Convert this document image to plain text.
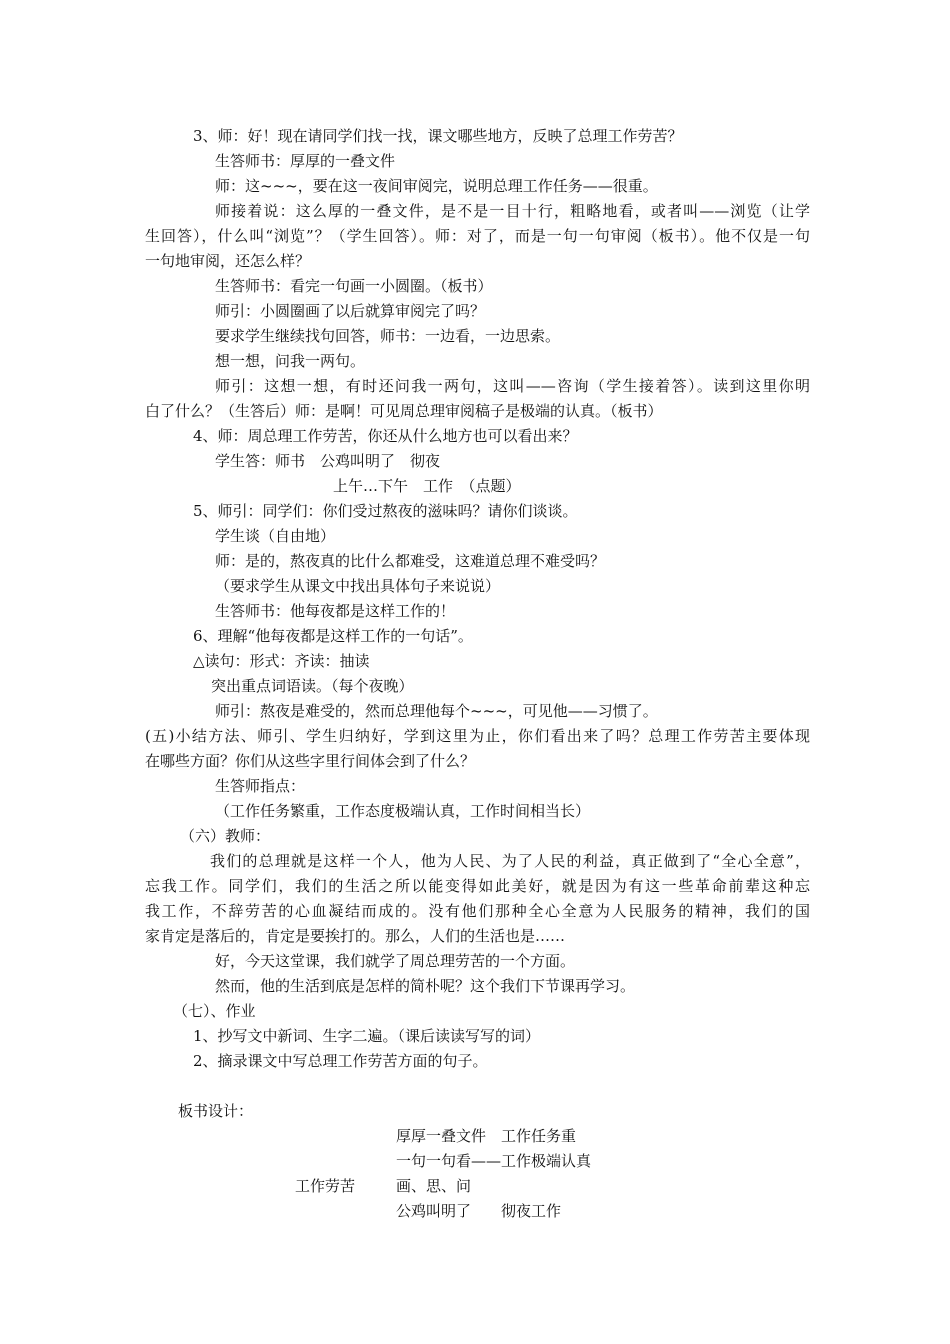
3、师：好！现在请同学们找一找，课文哪些地方，反映了总理工作劳苦？
生答师书：厚厚的一叠文件
师：这~~~，要在这一夜间审阅完，说明总理工作任务——很重。
师接着说：这么厚的一叠文件，是不是一目十行，粗略地看，或者叫——浏览（让学
生回答），什么叫“浏览”？（学生回答）。师：对了，而是一句一句审阅（板书）。他不仅是一句
一句地审阅，还怎么样？
生答师书：看完一句画一小圆圈。（板书）
师引：小圆圈画了以后就算审阅完了吗？
要求学生继续找句回答，师书：一边看，一边思索。
想一想，问我一两句。
师引：这想一想，有时还问我一两句，这叫——咨询（学生接着答）。读到这里你明
白了什么？（生答后）师：是啊！可见周总理审阅稿子是极端的认真。（板书）
4、师：周总理工作劳苦，你还从什么地方也可以看出来？
学生答：师书　公鸡叫明了　彻夜
上午…下午　工作　（点题）
5、师引：同学们：你们受过熬夜的滋味吗？请你们谈谈。
学生谈（自由地）
师：是的，熬夜真的比什么都难受，这难道总理不难受吗？
（要求学生从课文中找出具体句子来说说）
生答师书：他每夜都是这样工作的！
6、理解“他每夜都是这样工作的一句话”。
△读句：形式：齐读：抽读
突出重点词语读。（每个夜晚）
师引：熬夜是难受的，然而总理他每个~~~，可见他——习惯了。
(五)小结方法、师引、学生归纳好，学到这里为止，你们看出来了吗？总理工作劳苦主要体现
在哪些方面？你们从这些字里行间体会到了什么？
生答师指点：
（工作任务繁重，工作态度极端认真，工作时间相当长）
（六）教师：
我们的总理就是这样一个人，他为人民、为了人民的利益，真正做到了“全心全意”，
忘我工作。同学们，我们的生活之所以能变得如此美好，就是因为有这一些革命前辈这种忘
我工作，不辞劳苦的心血凝结而成的。没有他们那种全心全意为人民服务的精神，我们的国
家肯定是落后的，肯定是要挨打的。那么，人们的生活也是……
好，今天这堂课，我们就学了周总理劳苦的一个方面。
然而，他的生活到底是怎样的简朴呢？这个我们下节课再学习。
（七）、作业
1、抄写文中新词、生字二遍。（课后读读写写的词）
2、摘录课文中写总理工作劳苦方面的句子。
板书设计：
厚厚一叠文件　工作任务重
一句一句看——工作极端认真
工作劳苦	画、思、问
公鸡叫明了　　彻夜工作
